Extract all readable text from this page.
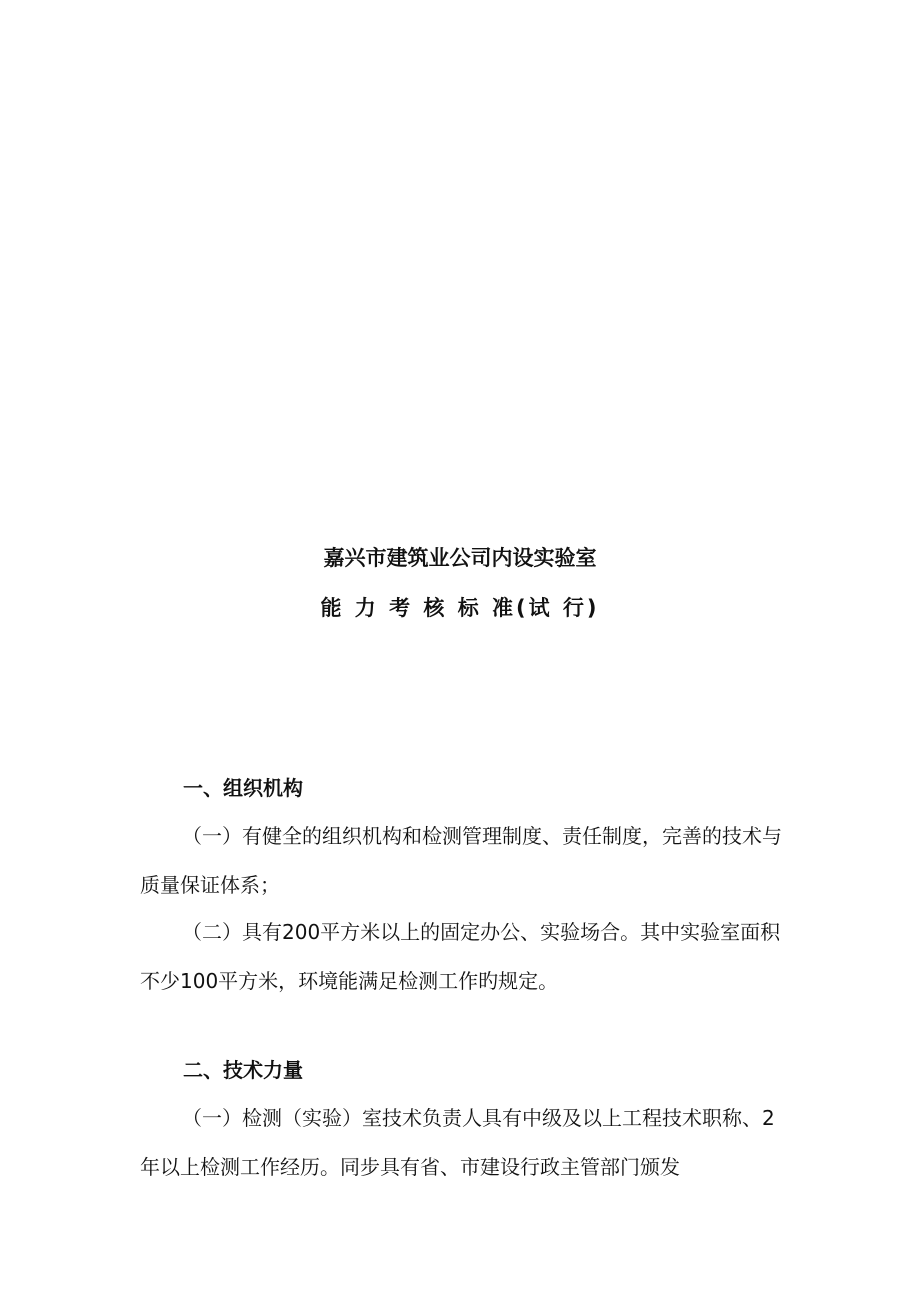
嘉兴市建筑业公司内设实验室
能 力 考 核 标 准(试 行)
一、组织机构
（一）有健全的组织机构和检测管理制度、责任制度，完善的技术与质量保证体系；
（二）具有200平方米以上的固定办公、实验场合。其中实验室面积不少100平方米，环境能满足检测工作旳规定。
二、技术力量
（一）检测（实验）室技术负责人具有中级及以上工程技术职称、2年以上检测工作经历。同步具有省、市建设行政主管部门颁发
